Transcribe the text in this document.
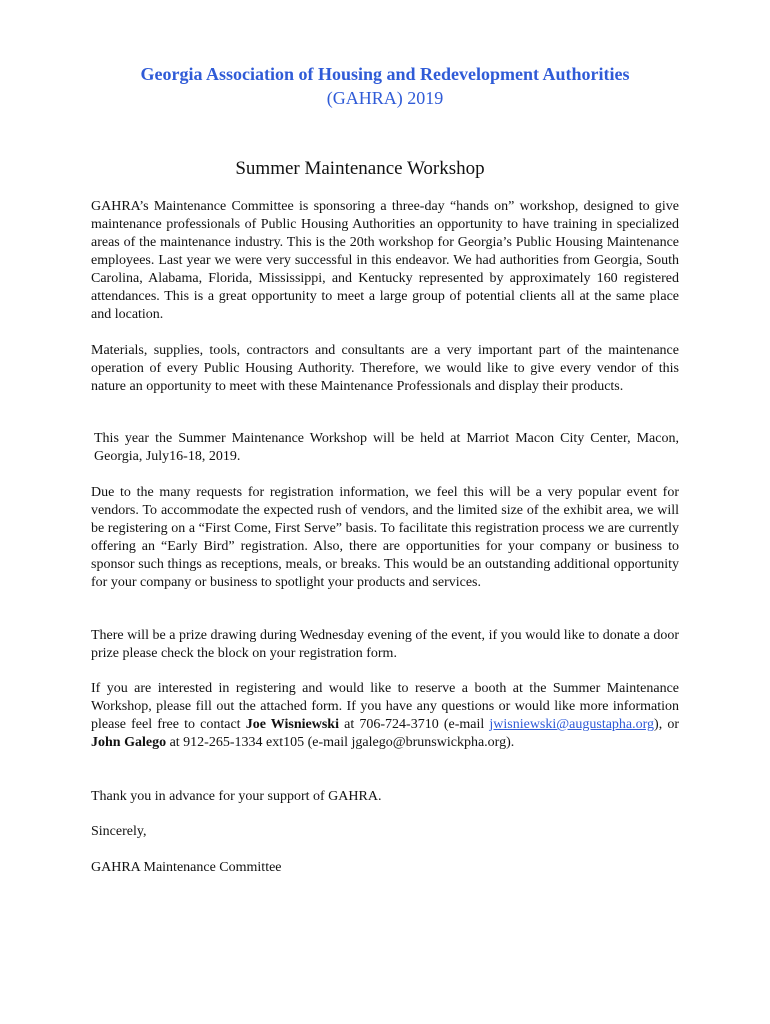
Georgia Association of Housing and Redevelopment Authorities
(GAHRA) 2019
Summer Maintenance Workshop
GAHRA’s Maintenance Committee is sponsoring a three-day “hands on” workshop, designed to give maintenance professionals of Public Housing Authorities an opportunity to have training in specialized areas of the maintenance industry. This is the 20th workshop for Georgia’s Public Housing Maintenance employees. Last year we were very successful in this endeavor. We had authorities from Georgia, South Carolina, Alabama, Florida, Mississippi, and Kentucky represented by approximately 160 registered attendances. This is a great opportunity to meet a large group of potential clients all at the same place and location.
Materials, supplies, tools, contractors and consultants are a very important part of the maintenance operation of every Public Housing Authority. Therefore, we would like to give every vendor of this nature an opportunity to meet with these Maintenance Professionals and display their products.
This year the Summer Maintenance Workshop will be held at Marriot Macon City Center, Macon, Georgia, July16-18, 2019.
Due to the many requests for registration information, we feel this will be a very popular event for vendors. To accommodate the expected rush of vendors, and the limited size of the exhibit area, we will be registering on a “First Come, First Serve” basis. To facilitate this registration process we are currently offering an “Early Bird” registration. Also, there are opportunities for your company or business to sponsor such things as receptions, meals, or breaks. This would be an outstanding additional opportunity for your company or business to spotlight your products and services.
There will be a prize drawing during Wednesday evening of the event, if you would like to donate a door prize please check the block on your registration form.
If you are interested in registering and would like to reserve a booth at the Summer Maintenance Workshop, please fill out the attached form. If you have any questions or would like more information please feel free to contact Joe Wisniewski at 706-724-3710 (e-mail jwisniewski@augustapha.org), or John Galego at 912-265-1334 ext105 (e-mail jgalego@brunswickpha.org).
Thank you in advance for your support of GAHRA.
Sincerely,
GAHRA Maintenance Committee
